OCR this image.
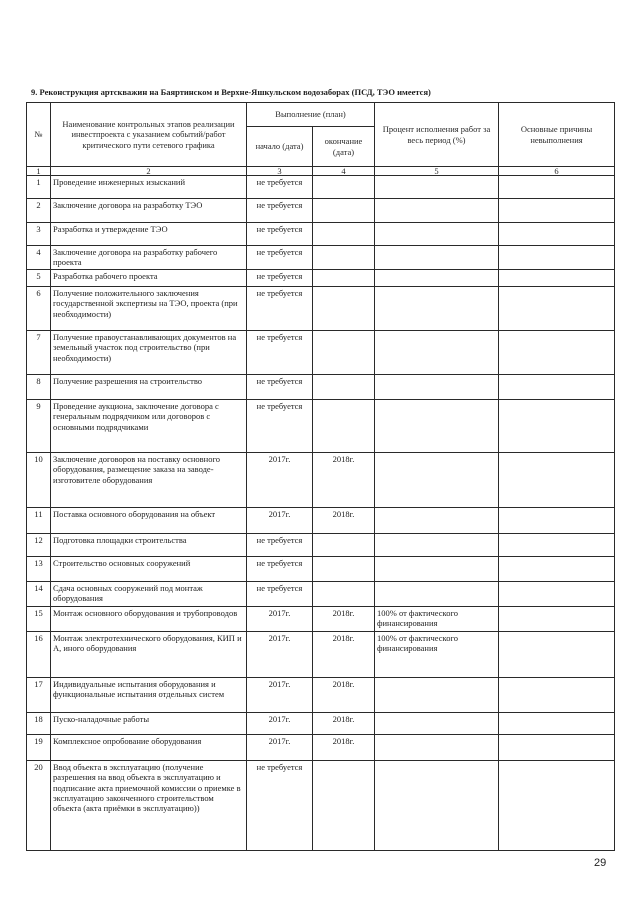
9. Реконструкция артскважин на Баяртинском и Верхне-Яшкульском водозаборах (ПСД, ТЭО имеется)
№	Наименование контрольных этапов реализации инвестпроекта с указанием событий/работ критического пути сетевого графика	Выполнение (план)		Процент исполнения работ за весь период (%)	Основные причины невыполнения
		начало (дата)	окончание (дата)		
1	2	3	4	5	6
1	Проведение инженерных изысканий	не требуется			
2	Заключение договора на разработку ТЭО	не требуется			
3	Разработка и утверждение ТЭО	не требуется			
4	Заключение договора на разработку рабочего проекта	не требуется			
5	Разработка рабочего проекта	не требуется			
6	Получение положительного заключения государственной экспертизы на ТЭО, проекта (при необходимости)	не требуется			
7	Получение правоустанавливающих документов на земельный участок под строительство (при необходимости)	не требуется			
8	Получение разрешения на строительство	не требуется			
9	Проведение аукциона, заключение договора с генеральным подрядчиком или договоров с основными подрядчиками	не требуется			
10	Заключение договоров на поставку основного оборудования, размещение заказа на заводе-изготовителе оборудования	2017г.	2018г.		
11	Поставка основного оборудования на объект	2017г.	2018г.		
12	Подготовка площадки строительства	не требуется			
13	Строительство основных сооружений	не требуется			
14	Сдача основных сооружений под монтаж оборудования	не требуется			
15	Монтаж основного оборудования и трубопроводов	2017г.	2018г.	100% от фактического финансирования	
16	Монтаж электротехнического оборудования, КИП и А, иного оборудования	2017г.	2018г.	100% от фактического финансирования	
17	Индивидуальные испытания оборудования и функциональные испытания отдельных систем	2017г.	2018г.		
18	Пуско-наладочные работы	2017г.	2018г.		
19	Комплексное опробование оборудования	2017г.	2018г.		
20	Ввод объекта в эксплуатацию (получение разрешения на ввод объекта в эксплуатацию и подписание акта приемочной комиссии о приемке в эксплуатацию законченного строительством объекта (акта приёмки в эксплуатацию))	не требуется			
29
